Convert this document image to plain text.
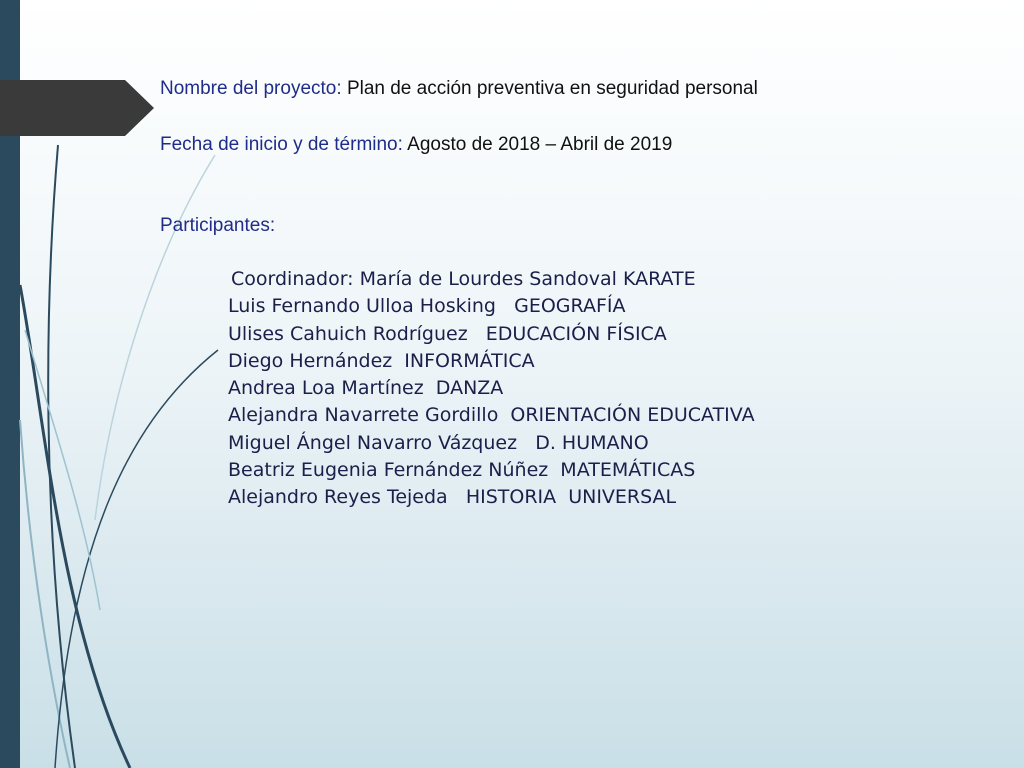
Nombre del proyecto: Plan de acción preventiva en seguridad personal
Fecha de inicio y de término: Agosto de 2018 – Abril de 2019
Participantes:
Coordinador: María de Lourdes Sandoval KARATE
Luis Fernando Ulloa Hosking   GEOGRAFÍA
Ulises Cahuich Rodríguez   EDUCACIÓN FÍSICA
Diego Hernández  INFORMÁTICA
Andrea Loa Martínez  DANZA
Alejandra Navarrete Gordillo  ORIENTACIÓN EDUCATIVA
Miguel Ángel Navarro Vázquez   D. HUMANO
Beatriz Eugenia Fernández Núñez  MATEMÁTICAS
Alejandro Reyes Tejeda   HISTORIA  UNIVERSAL
